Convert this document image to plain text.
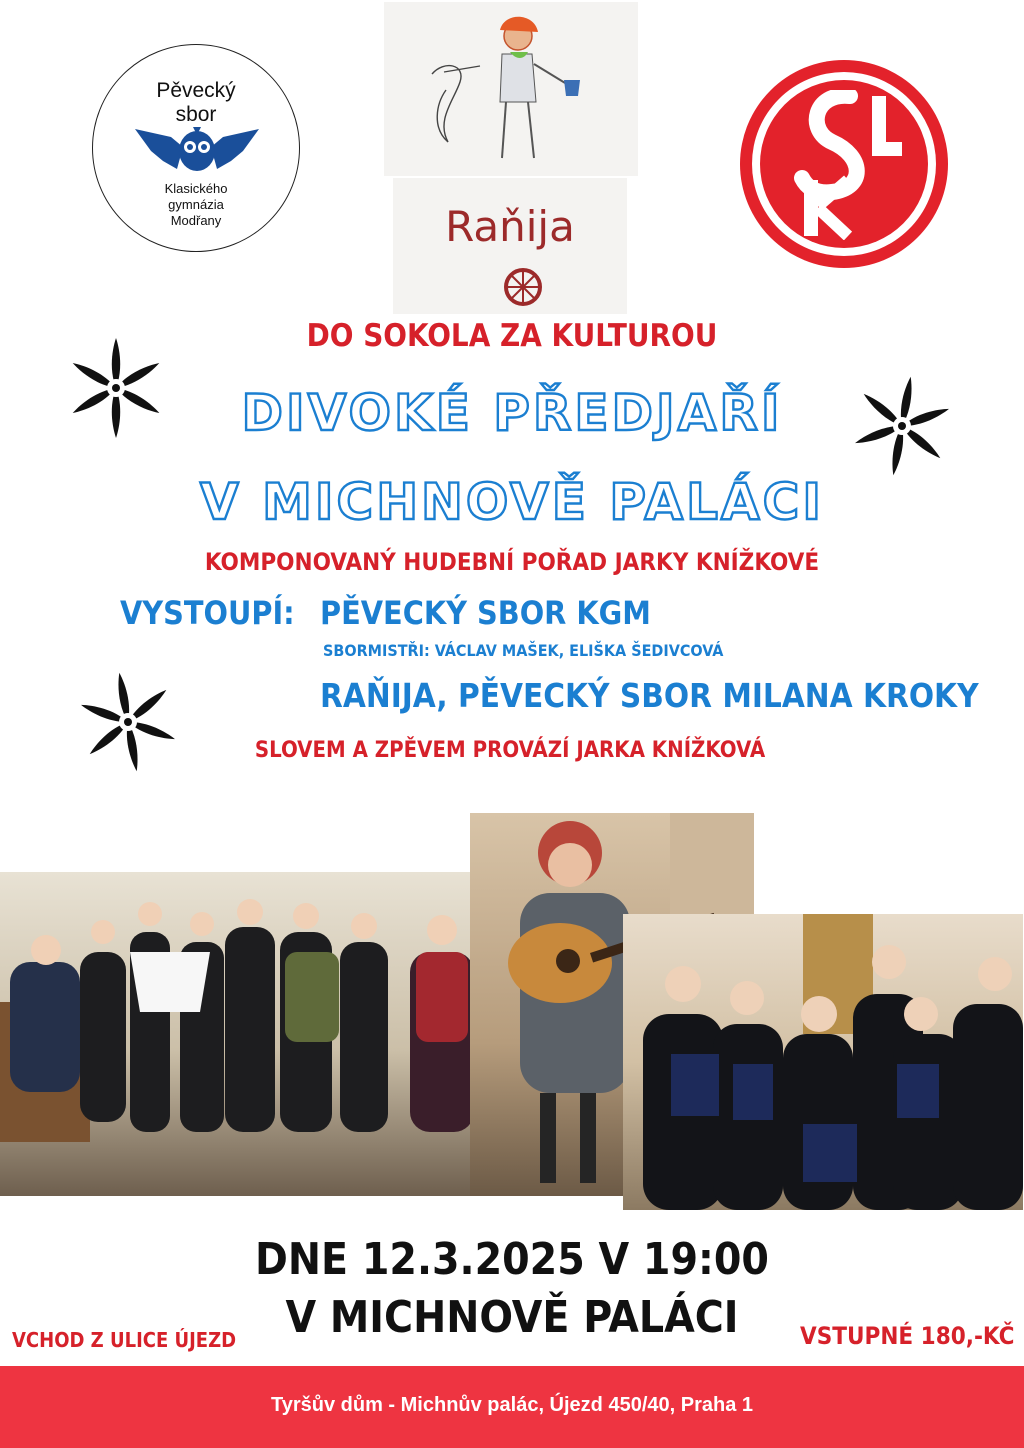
Pěvecký
sbor
Klasického
gymnázia
Modřany	Raňija
DO SOKOLA ZA KULTUROU
DIVOKÉ PŘEDJAŘÍ
V MICHNOVĚ PALÁCI
KOMPONOVANÝ HUDEBNÍ POŘAD JARKY KNÍŽKOVÉ
VYSTOUPÍ: PĚVECKÝ SBOR KGM
SBORMISTŘI: VÁCLAV MAŠEK, ELIŠKA ŠEDIVCOVÁ
RAŇIJA, PĚVECKÝ SBOR MILANA KROKY
SLOVEM A ZPĚVEM PROVÁZÍ JARKA KNÍŽKOVÁ
DNE 12.3.2025 V 19:00
V MICHNOVĚ PALÁCI
VCHOD Z ULICE ÚJEZD	VSTUPNÉ 180,-KČ
Tyršův dům - Michnův palác, Újezd 450/40, Praha 1
